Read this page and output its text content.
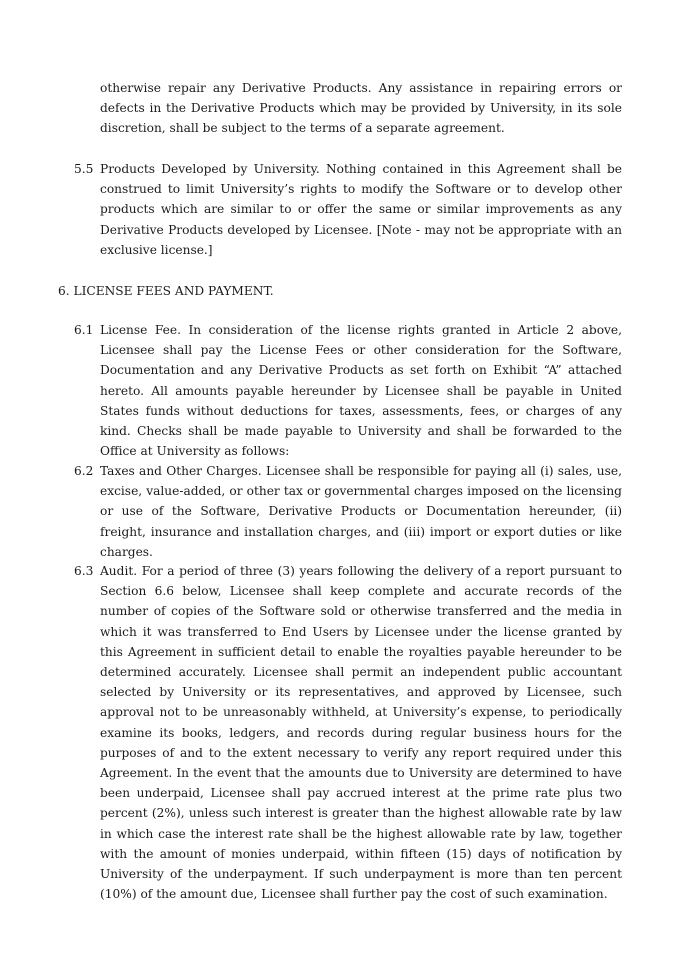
otherwise repair any Derivative Products. Any assistance in repairing errors or defects in the Derivative Products which may be provided by University, in its sole discretion, shall be subject to the terms of a separate agreement.

5.5 Products Developed by University. Nothing contained in this Agreement shall be construed to limit University’s rights to modify the Software or to develop other products which are similar to or offer the same or similar improvements as any Derivative Products developed by Licensee. [Note - may not be appropriate with an exclusive license.]
6. LICENSE FEES AND PAYMENT.
6.1 License Fee. In consideration of the license rights granted in Article 2 above, Licensee shall pay the License Fees or other consideration for the Software, Documentation and any Derivative Products as set forth on Exhibit “A” attached hereto. All amounts payable hereunder by Licensee shall be payable in United States funds without deductions for taxes, assessments, fees, or charges of any kind. Checks shall be made payable to University and shall be forwarded to the Office at University as follows:
6.2 Taxes and Other Charges. Licensee shall be responsible for paying all (i) sales, use, excise, value-added, or other tax or governmental charges imposed on the licensing or use of the Software, Derivative Products or Documentation hereunder, (ii) freight, insurance and installation charges, and (iii) import or export duties or like charges.
6.3 Audit. For a period of three (3) years following the delivery of a report pursuant to Section 6.6 below, Licensee shall keep complete and accurate records of the number of copies of the Software sold or otherwise transferred and the media in which it was transferred to End Users by Licensee under the license granted by this Agreement in sufficient detail to enable the royalties payable hereunder to be determined accurately. Licensee shall permit an independent public accountant selected by University or its representatives, and approved by Licensee, such approval not to be unreasonably withheld, at University’s expense, to periodically examine its books, ledgers, and records during regular business hours for the purposes of and to the extent necessary to verify any report required under this Agreement. In the event that the amounts due to University are determined to have been underpaid, Licensee shall pay accrued interest at the prime rate plus two percent (2%), unless such interest is greater than the highest allowable rate by law in which case the interest rate shall be the highest allowable rate by law, together with the amount of monies underpaid, within fifteen (15) days of notification by University of the underpayment. If such underpayment is more than ten percent (10%) of the amount due, Licensee shall further pay the cost of such examination.
